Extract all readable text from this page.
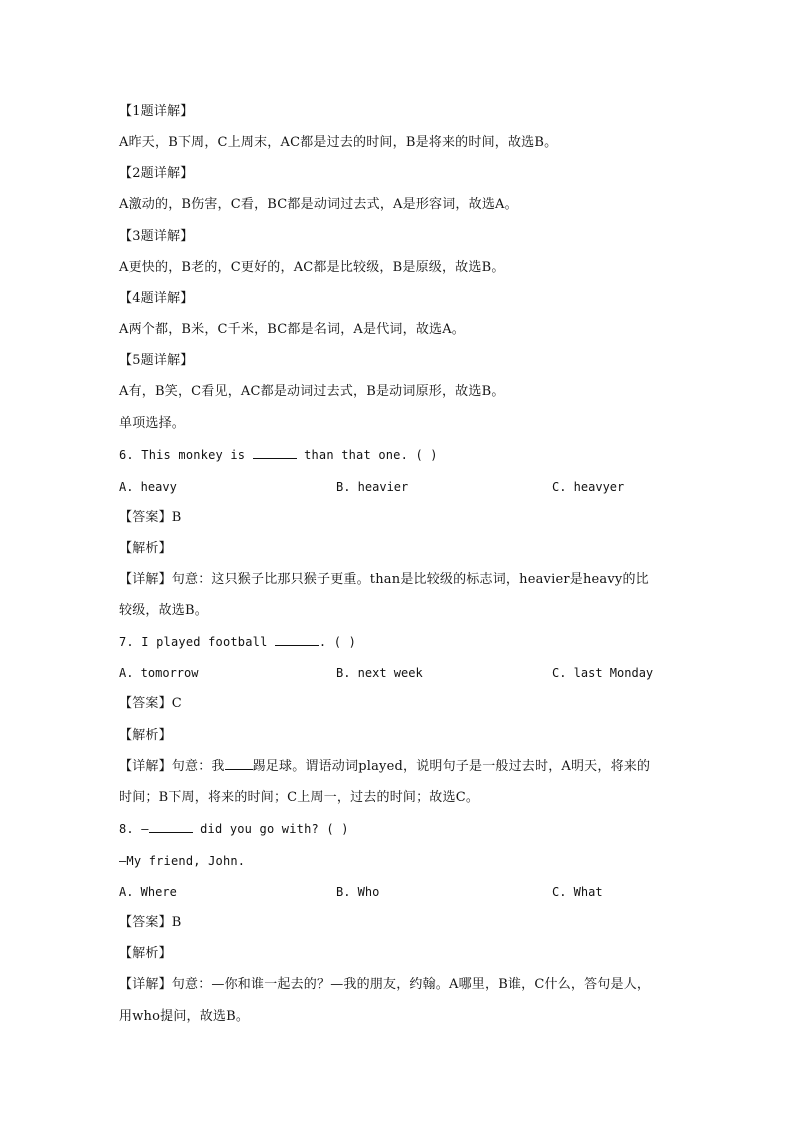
【1题详解】
A昨天，B下周，C上周末，AC都是过去的时间，B是将来的时间，故选B。
【2题详解】
A激动的，B伤害，C看，BC都是动词过去式，A是形容词，故选A。
【3题详解】
A更快的，B老的，C更好的，AC都是比较级，B是原级，故选B。
【4题详解】
A两个都，B米，C千米，BC都是名词，A是代词，故选A。
【5题详解】
A有，B笑，C看见，AC都是动词过去式，B是动词原形，故选B。
单项选择。
6. This monkey is	than that one. ( )
A. heavy	B. heavier	C. heavyer
【答案】B
【解析】
【详解】句意：这只猴子比那只猴子更重。than是比较级的标志词，heavier是heavy的比
较级，故选B。
7. I played football	. ( )
A. tomorrow	B. next week	C. last Monday
【答案】C
【解析】
【详解】句意：我 踢足球。谓语动词played，说明句子是一般过去时，A明天，将来的
时间；B下周，将来的时间；C上周一，过去的时间；故选C。
8. —	did you go with? ( )
—My friend, John.
A. Where	B. Who	C. What
【答案】B
【解析】
【详解】句意：—你和谁一起去的？—我的朋友，约翰。A哪里，B谁，C什么，答句是人，
用who提问，故选B。
